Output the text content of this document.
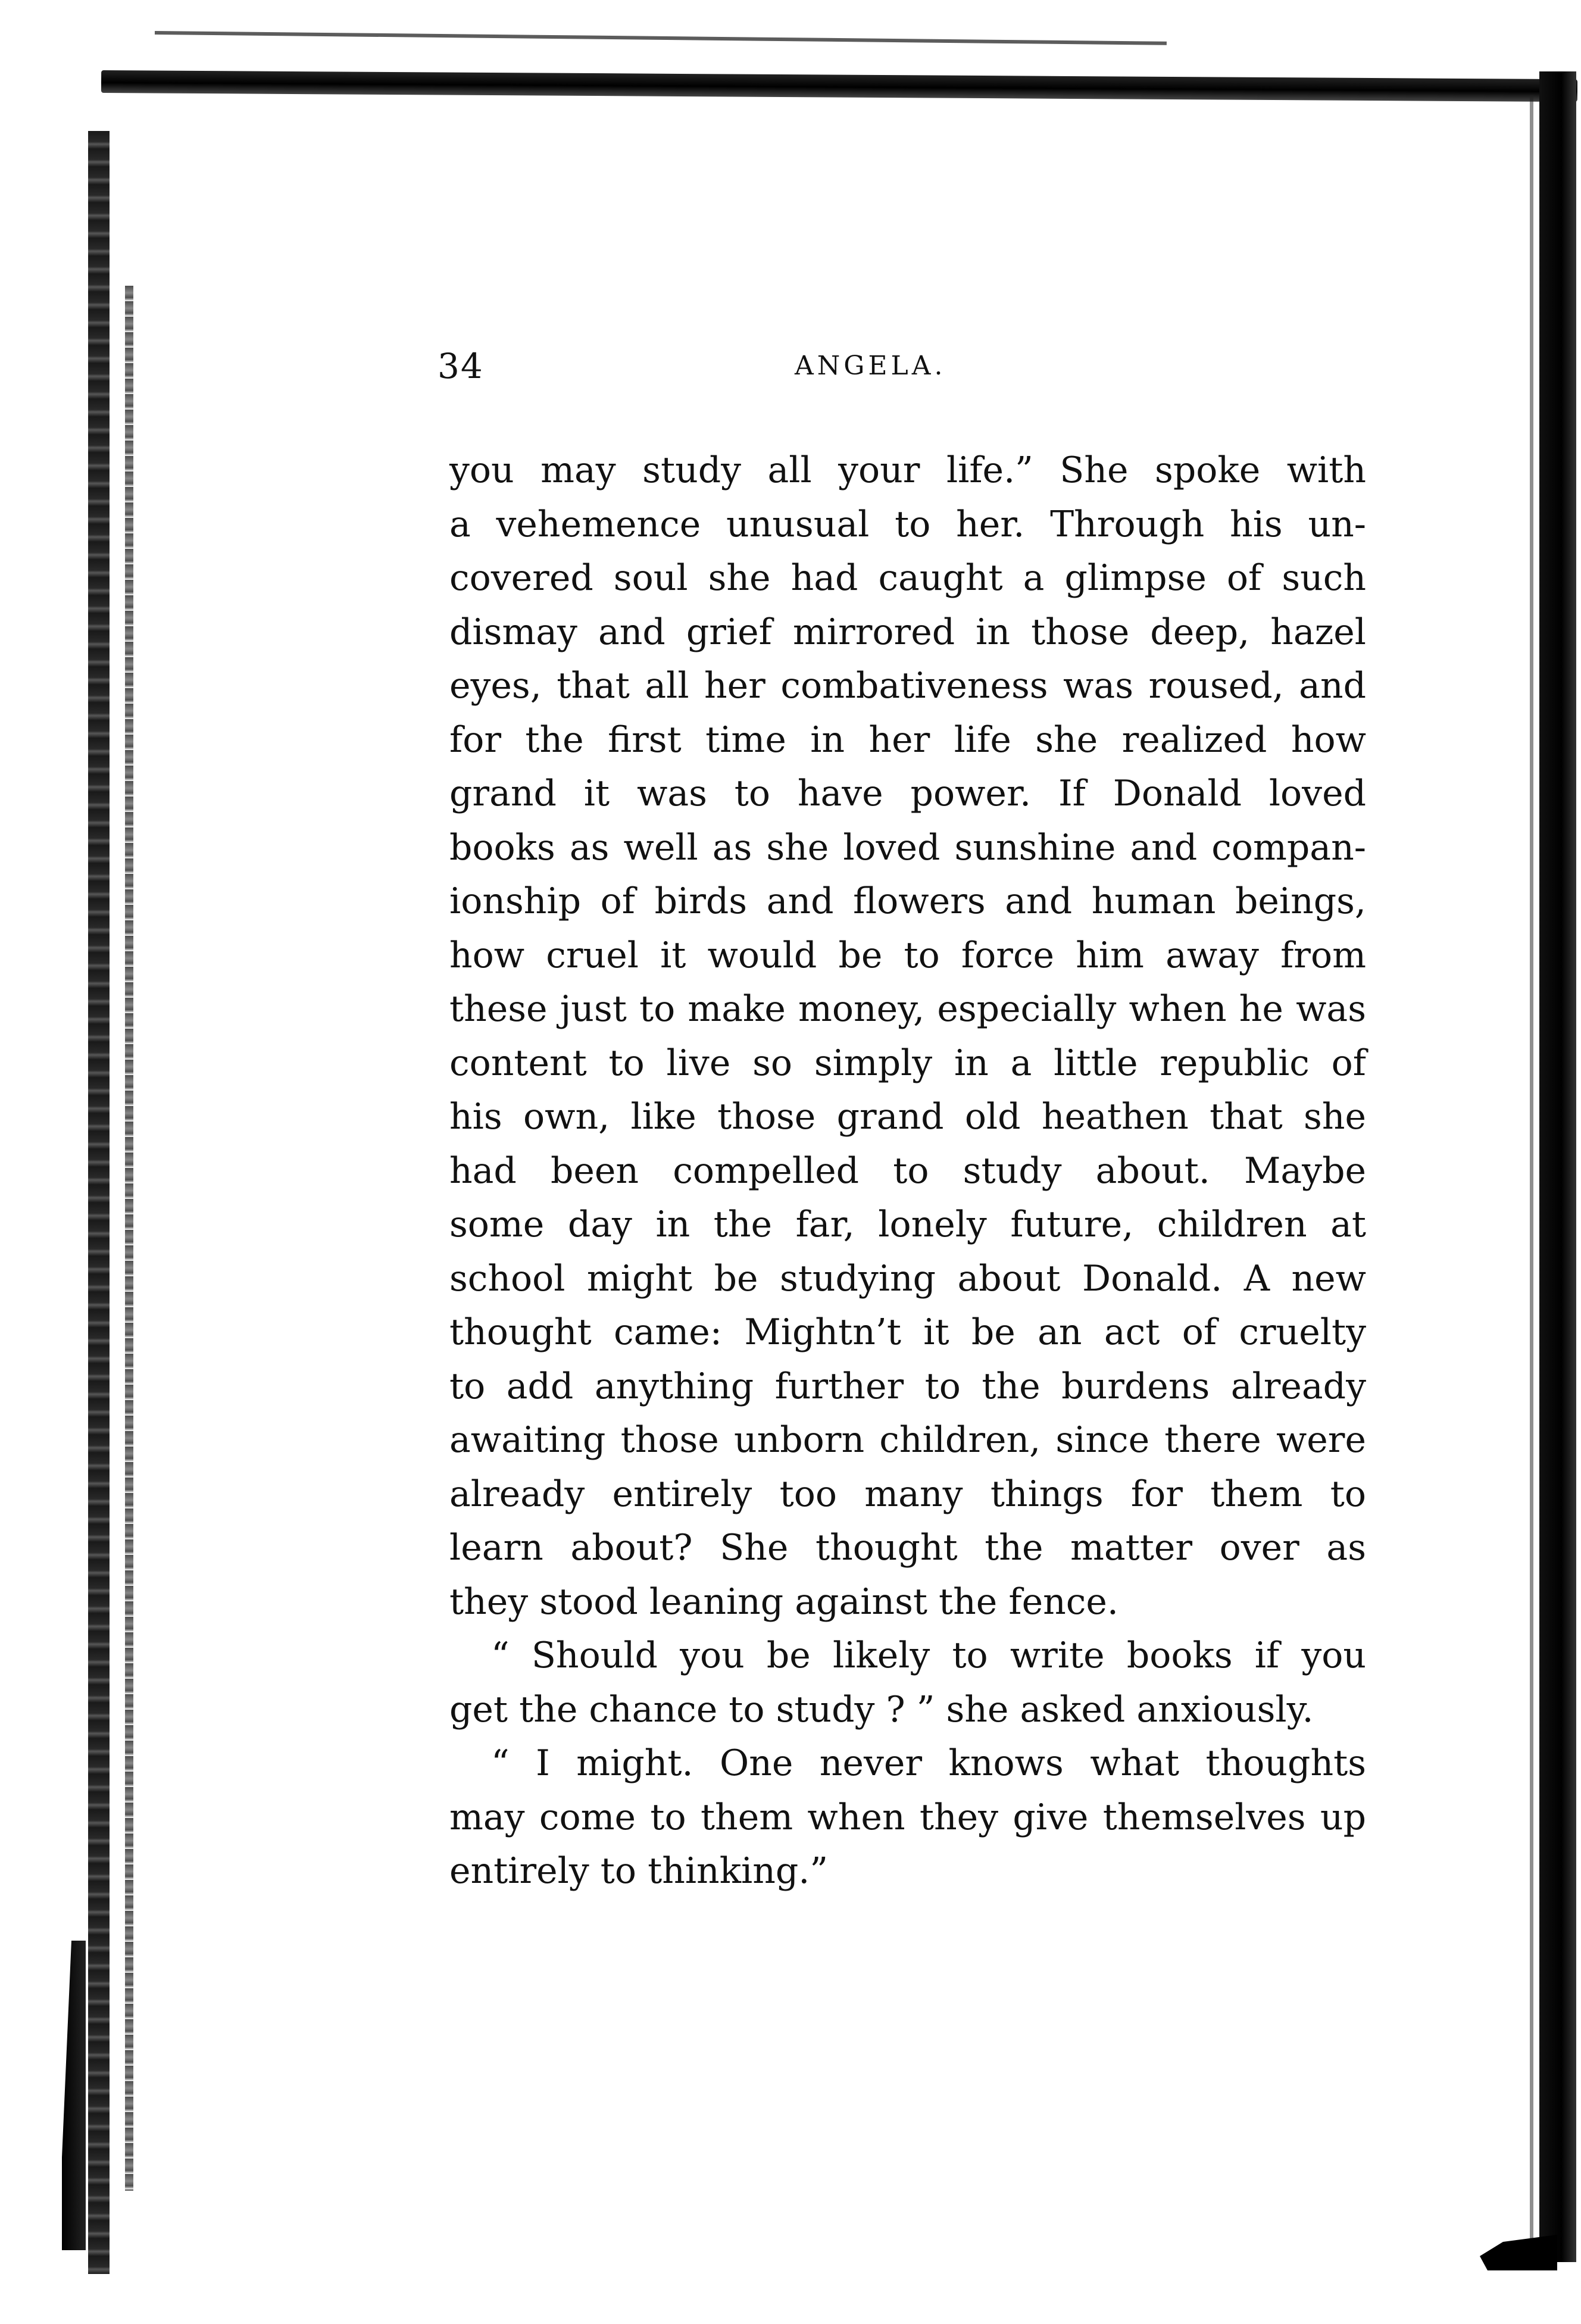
34	ANGELA.
you may study all your life.” She spoke with
a vehemence unusual to her. Through his un-
covered soul she had caught a glimpse of such
dismay and grief mirrored in those deep, hazel
eyes, that all her combativeness was roused, and
for the first time in her life she realized how
grand it was to have power. If Donald loved
books as well as she loved sunshine and compan-
ionship of birds and flowers and human beings,
how cruel it would be to force him away from
these just to make money, especially when he was
content to live so simply in a little republic of
his own, like those grand old heathen that she
had been compelled to study about. Maybe
some day in the far, lonely future, children at
school might be studying about Donald. A new
thought came: Mightn’t it be an act of cruelty
to add anything further to the burdens already
awaiting those unborn children, since there were
already entirely too many things for them to
learn about? She thought the matter over as
they stood leaning against the fence.
“ Should you be likely to write books if you
get the chance to study ? ” she asked anxiously.
“ I might. One never knows what thoughts
may come to them when they give themselves up
entirely to thinking.”
